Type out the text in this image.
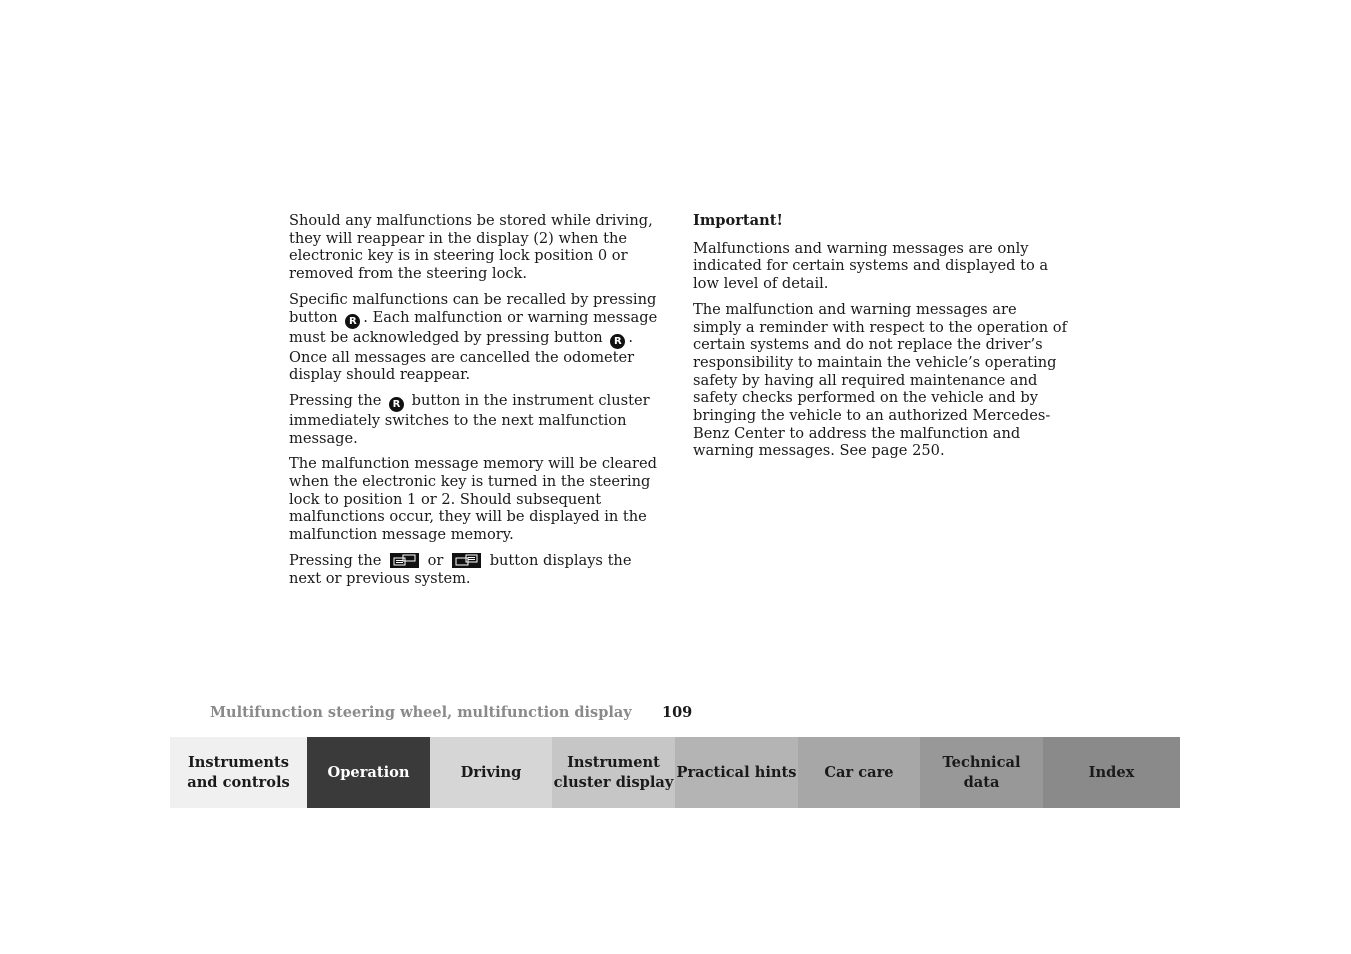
Should any malfunctions be stored while driving, they will reappear in the display (2) when the electronic key is in steering lock position 0 or removed from the steering lock.

Specific malfunctions can be recalled by pressing button R . Each malfunction or warning message must be acknowledged by pressing button R . Once all messages are cancelled the odometer display should reappear.

Pressing the R button in the instrument cluster immediately switches to the next malfunction message.

The malfunction message memory will be cleared when the electronic key is turned in the steering lock to position 1 or 2. Should subsequent malfunctions occur, they will be displayed in the malfunction message memory.

Pressing the	or	button displays the next or previous system.

Important!

Malfunctions and warning messages are only indicated for certain systems and displayed to a low level of detail.

The malfunction and warning messages are simply a reminder with respect to the operation of certain systems and do not replace the driver’s responsibility to maintain the vehicle’s operating safety by having all required maintenance and safety checks performed on the vehicle and by bringing the vehicle to an authorized Mercedes-Benz Center to address the malfunction and warning messages. See page 250.

Multifunction steering wheel, multifunction display 109
Instruments
and controls
Operation	Driving
Instrument
cluster display
Practical hints Car care
Technical
data
Index
